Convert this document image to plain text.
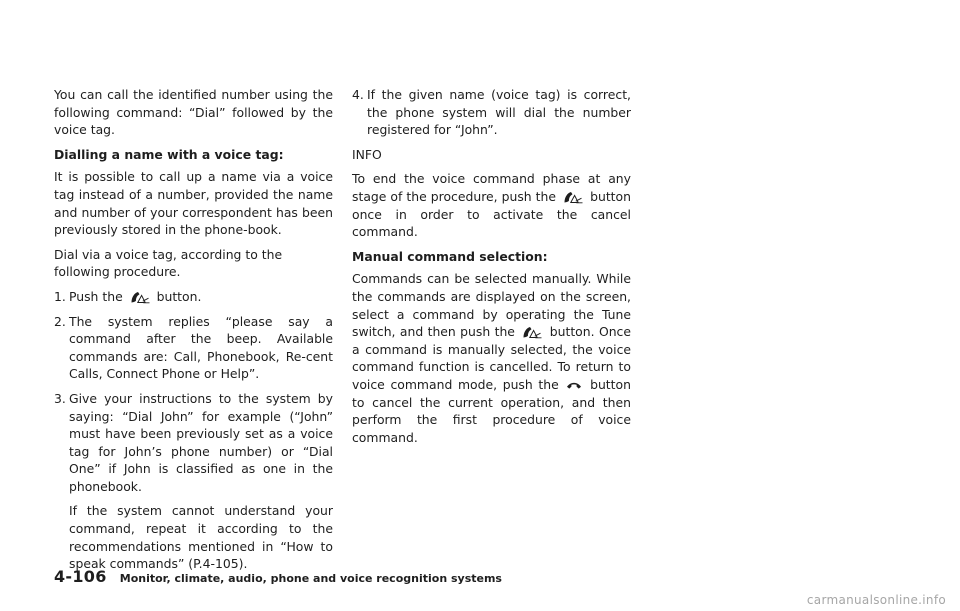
You can call the identified number using the following command: “Dial” followed by the voice tag.

Dialling a name with a voice tag:

It is possible to call up a name via a voice tag instead of a number, provided the name and number of your correspondent has been previously stored in the phone-book.

Dial via a voice tag, according to the following procedure.

1. Push the	button.
2. The system replies “please say a command after the beep. Available commands are: Call, Phonebook, Re-cent Calls, Connect Phone or Help”.
3. Give your instructions to the system by saying: “Dial John” for example (“John” must have been previously set as a voice tag for John’s phone number) or “Dial One” if John is classified as one in the phonebook.

If the system cannot understand your command, repeat it according to the recommendations mentioned in “How to speak commands” (P.4-105).

4. If the given name (voice tag) is correct, the phone system will dial the number registered for “John”.

INFO

To end the voice command phase at any stage of the procedure, push the	button once in order to activate the cancel command.

Manual command selection:

Commands can be selected manually. While the commands are displayed on the screen, select a command by operating the Tune switch, and then push the	button. Once a command is manually selected, the voice command function is cancelled. To return to voice command mode, push the	button to cancel the current operation, and then perform the first procedure of voice command.

4-106 Monitor, climate, audio, phone and voice recognition systems
carmanualsonline.info
